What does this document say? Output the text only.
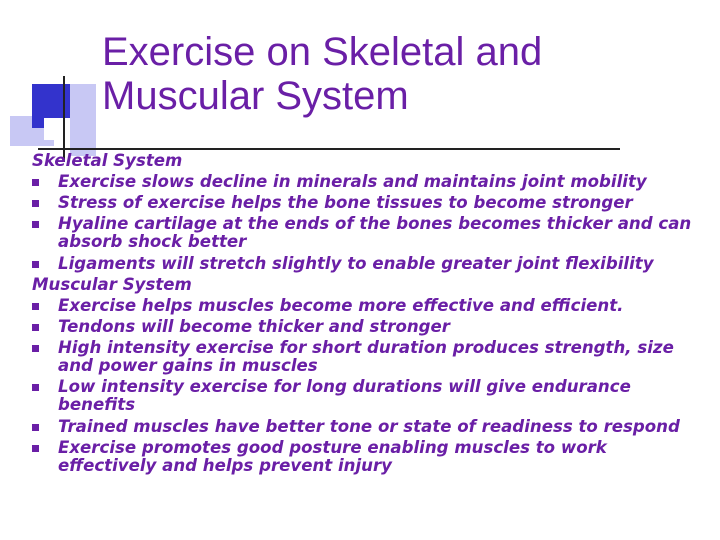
Exercise on Skeletal and
Muscular System
Skeletal System
Exercise slows decline in minerals and maintains joint mobility
Stress of exercise helps the bone tissues to become stronger
Hyaline cartilage at the ends of the bones becomes thicker and can absorb shock better
Ligaments will stretch slightly to enable greater joint flexibility
Muscular System
Exercise helps muscles become more effective and efficient.
Tendons will become thicker and stronger
High intensity exercise for short duration produces strength, size and power gains in muscles
Low intensity exercise for long durations will give endurance benefits
Trained muscles have better tone or state of readiness to respond
Exercise promotes good posture enabling muscles to work effectively and helps prevent injury
